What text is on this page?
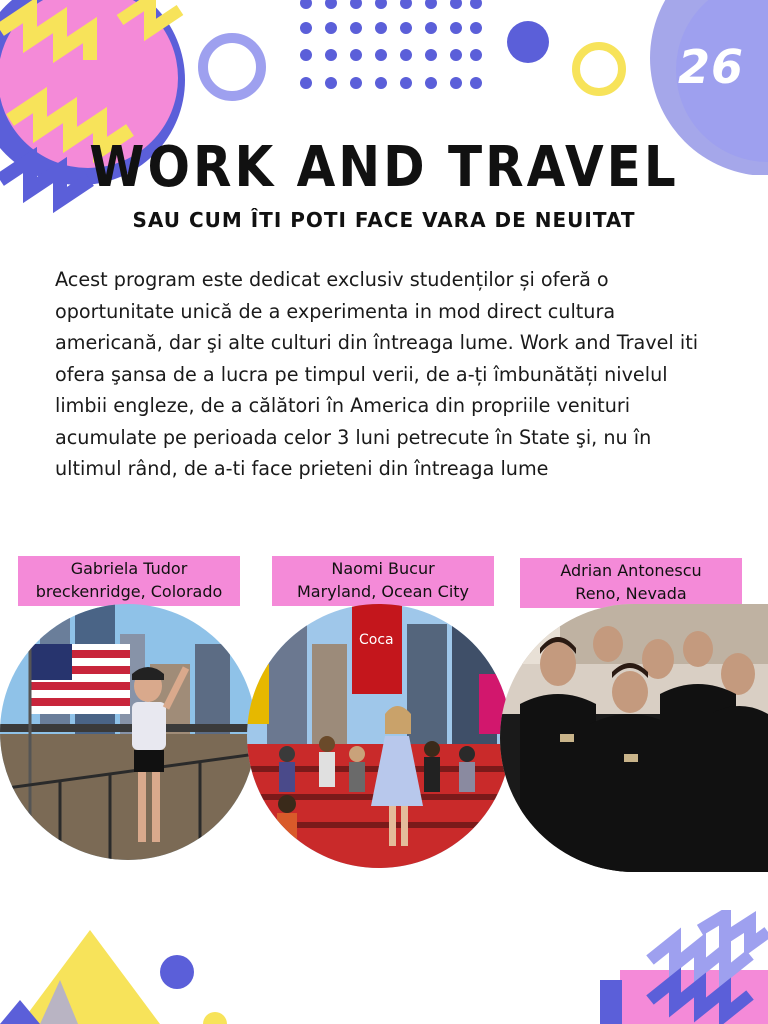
26
WORK AND TRAVEL
SAU CUM ÎTI POTI FACE VARA DE NEUITAT

Acest program este dedicat exclusiv studenților și oferă o oportunitate unică de a experimenta in mod direct cultura americană, dar şi alte culturi din întreaga lume. Work and Travel iti ofera şansa de a lucra pe timpul verii, de a-ți îmbunătăți nivelul limbii engleze, de a călători în America din propriile venituri acumulate pe perioada celor 3 luni petrecute în State şi, nu în ultimul rând, de a-ti face prieteni din întreaga lume

Gabriela Tudor
breckenridge, Colorado
Naomi Bucur
Maryland, Ocean City
Adrian Antonescu
Reno, Nevada
Coca
